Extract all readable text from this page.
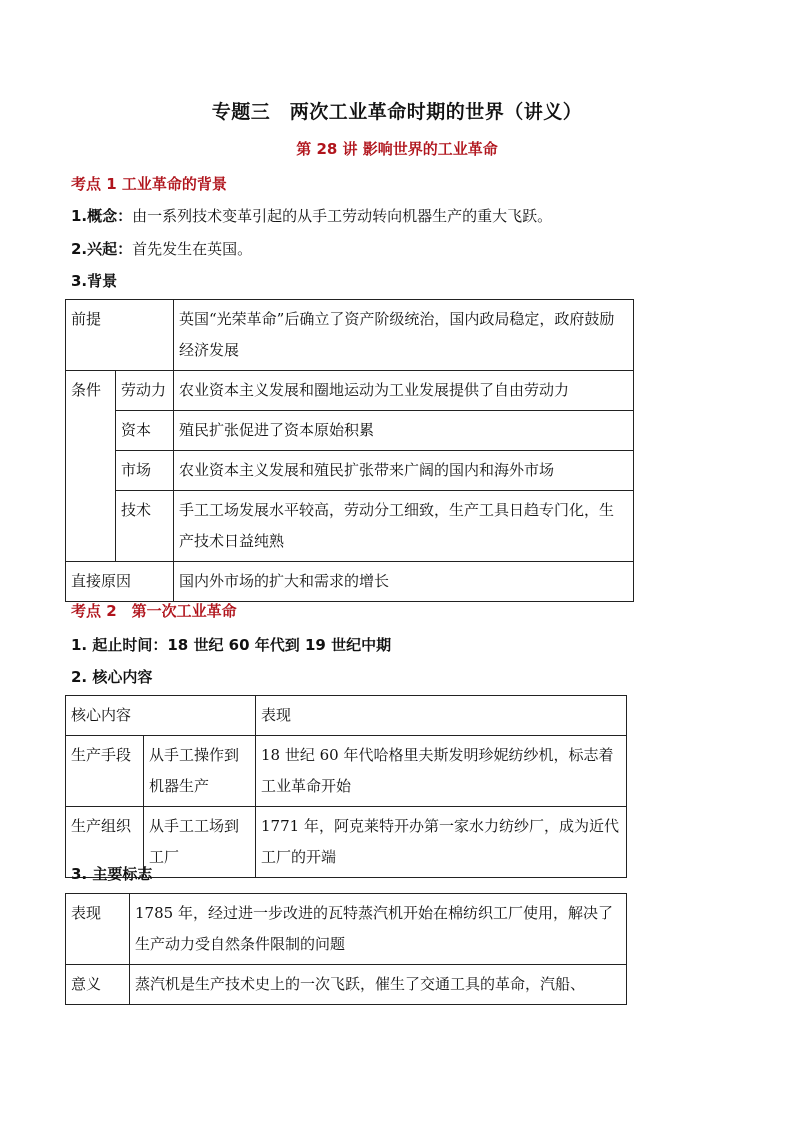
专题三　两次工业革命时期的世界（讲义）
第 28 讲 影响世界的工业革命
考点 1 工业革命的背景
1.概念：由一系列技术变革引起的从手工劳动转向机器生产的重大飞跃。
2.兴起：首先发生在英国。
3.背景
前提		英国“光荣革命”后确立了资产阶级统治，国内政局稳定，政府鼓励经济发展
条件	劳动力	农业资本主义发展和圈地运动为工业发展提供了自由劳动力
	资本	殖民扩张促进了资本原始积累
	市场	农业资本主义发展和殖民扩张带来广阔的国内和海外市场
	技术	手工工场发展水平较高，劳动分工细致，生产工具日趋专门化，生产技术日益纯熟
直接原因		国内外市场的扩大和需求的增长
考点 2　第一次工业革命
1. 起止时间：18 世纪 60 年代到 19 世纪中期
2. 核心内容
核心内容		表现
生产手段	从手工操作到机器生产	18 世纪 60 年代哈格里夫斯发明珍妮纺纱机，标志着工业革命开始
生产组织	从手工工场到工厂	1771 年，阿克莱特开办第一家水力纺纱厂，成为近代工厂的开端
3. 主要标志
表现	1785 年，经过进一步改进的瓦特蒸汽机开始在棉纺织工厂使用，解决了生产动力受自然条件限制的问题
意义	蒸汽机是生产技术史上的一次飞跃，催生了交通工具的革命，汽船、
